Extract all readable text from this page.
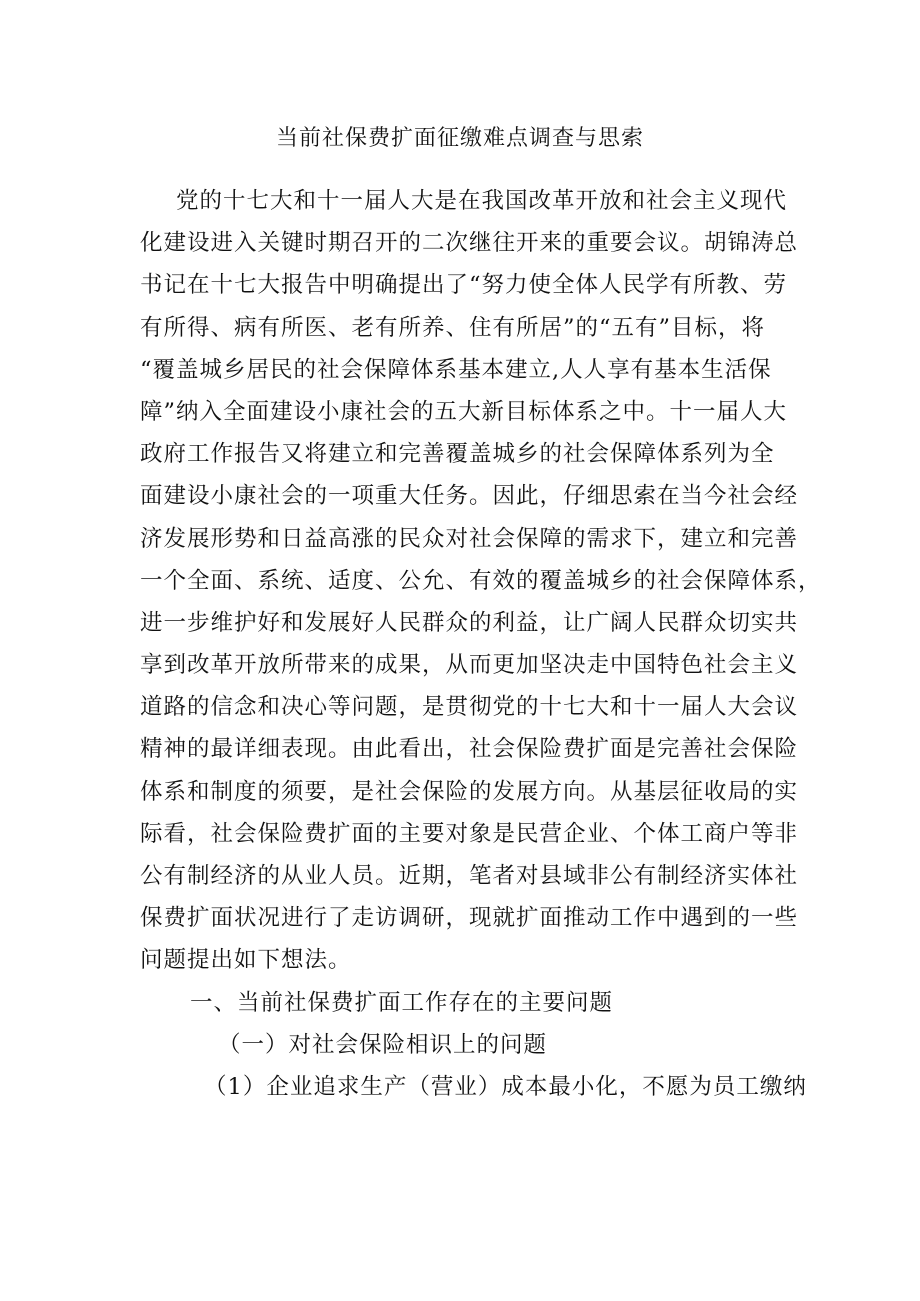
当前社保费扩面征缴难点调查与思索
党的十七大和十一届人大是在我国改革开放和社会主义现代
化建设进入关键时期召开的二次继往开来的重要会议。胡锦涛总
书记在十七大报告中明确提出了“努力使全体人民学有所教、劳
有所得、病有所医、老有所养、住有所居”的“五有”目标，将
“覆盖城乡居民的社会保障体系基本建立,人人享有基本生活保
障”纳入全面建设小康社会的五大新目标体系之中。十一届人大
政府工作报告又将建立和完善覆盖城乡的社会保障体系列为全
面建设小康社会的一项重大任务。因此，仔细思索在当今社会经
济发展形势和日益高涨的民众对社会保障的需求下，建立和完善
一个全面、系统、适度、公允、有效的覆盖城乡的社会保障体系，
进一步维护好和发展好人民群众的利益，让广阔人民群众切实共
享到改革开放所带来的成果，从而更加坚决走中国特色社会主义
道路的信念和决心等问题，是贯彻党的十七大和十一届人大会议
精神的最详细表现。由此看出，社会保险费扩面是完善社会保险
体系和制度的须要，是社会保险的发展方向。从基层征收局的实
际看，社会保险费扩面的主要对象是民营企业、个体工商户等非
公有制经济的从业人员。近期，笔者对县域非公有制经济实体社
保费扩面状况进行了走访调研，现就扩面推动工作中遇到的一些
问题提出如下想法。
一、当前社保费扩面工作存在的主要问题
（一）对社会保险相识上的问题
（1）企业追求生产（营业）成本最小化，不愿为员工缴纳
